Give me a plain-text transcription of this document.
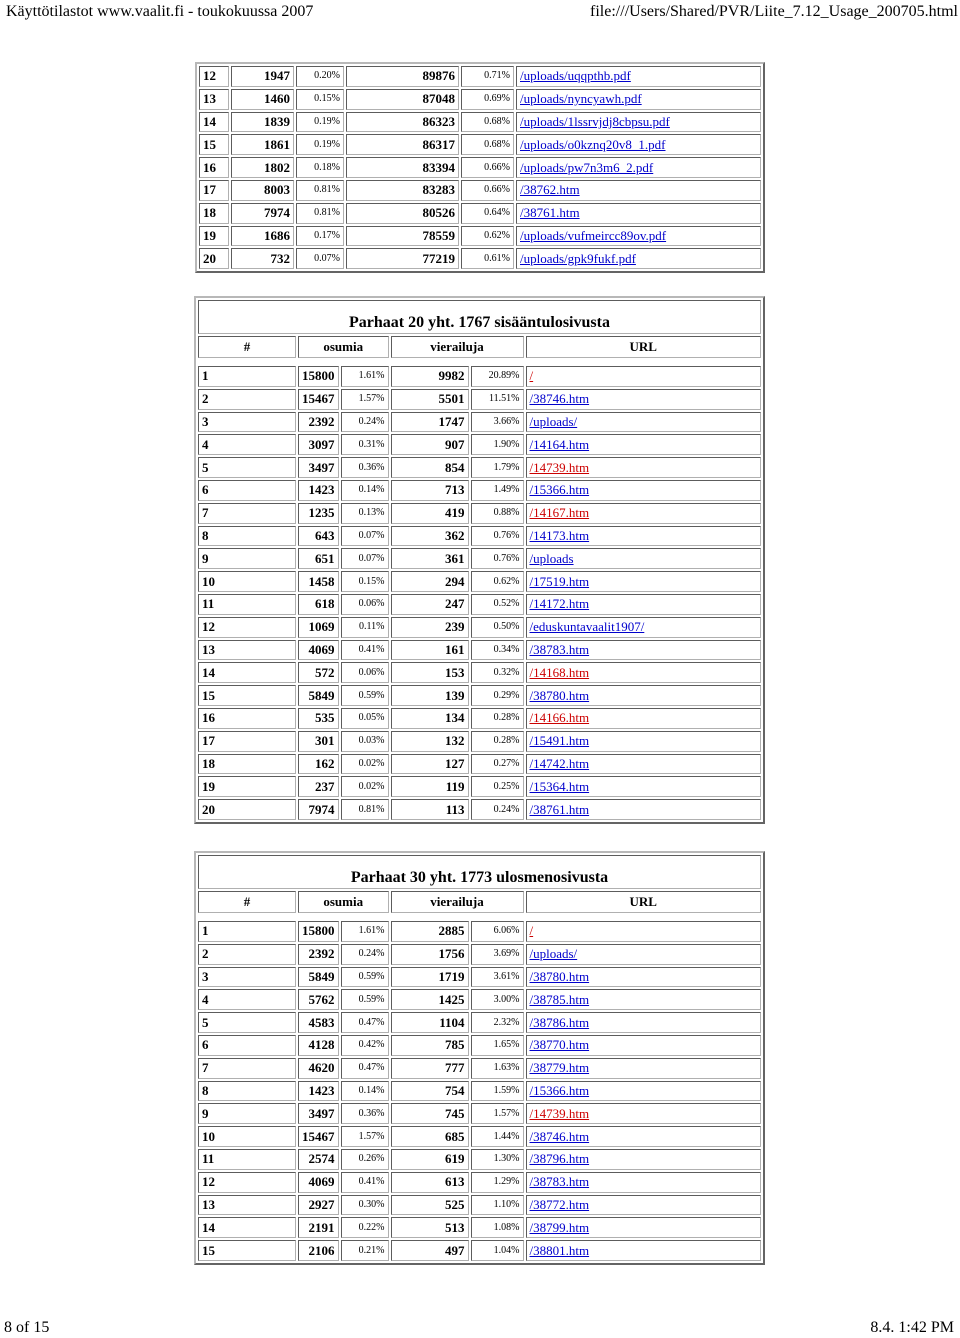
Käyttötilastot www.vaalit.fi - toukokuussa 2007	file:///Users/Shared/PVR/Liite_7.12_Usage_200705.html
12	1947	0.20%	89876	0.71%	/uploads/uqqpthb.pdf
13	1460	0.15%	87048	0.69%	/uploads/nyncyawh.pdf
14	1839	0.19%	86323	0.68%	/uploads/1lssrvjdj8cbpsu.pdf
15	1861	0.19%	86317	0.68%	/uploads/o0kznq20v8_1.pdf
16	1802	0.18%	83394	0.66%	/uploads/pw7n3m6_2.pdf
17	8003	0.81%	83283	0.66%	/38762.htm
18	7974	0.81%	80526	0.64%	/38761.htm
19	1686	0.17%	78559	0.62%	/uploads/vufmeircc89ov.pdf
20	732	0.07%	77219	0.61%	/uploads/gpk9fukf.pdf
Parhaat 20 yht. 1767 sisääntulosivusta					
#	osumia		vierailuja		URL

1	15800	1.61%	9982	20.89%	/
2	15467	1.57%	5501	11.51%	/38746.htm
3	2392	0.24%	1747	3.66%	/uploads/
4	3097	0.31%	907	1.90%	/14164.htm
5	3497	0.36%	854	1.79%	/14739.htm
6	1423	0.14%	713	1.49%	/15366.htm
7	1235	0.13%	419	0.88%	/14167.htm
8	643	0.07%	362	0.76%	/14173.htm
9	651	0.07%	361	0.76%	/uploads
10	1458	0.15%	294	0.62%	/17519.htm
11	618	0.06%	247	0.52%	/14172.htm
12	1069	0.11%	239	0.50%	/eduskuntavaalit1907/
13	4069	0.41%	161	0.34%	/38783.htm
14	572	0.06%	153	0.32%	/14168.htm
15	5849	0.59%	139	0.29%	/38780.htm
16	535	0.05%	134	0.28%	/14166.htm
17	301	0.03%	132	0.28%	/15491.htm
18	162	0.02%	127	0.27%	/14742.htm
19	237	0.02%	119	0.25%	/15364.htm
20	7974	0.81%	113	0.24%	/38761.htm
Parhaat 30 yht. 1773 ulosmenosivusta					
#	osumia		vierailuja		URL

1	15800	1.61%	2885	6.06%	/
2	2392	0.24%	1756	3.69%	/uploads/
3	5849	0.59%	1719	3.61%	/38780.htm
4	5762	0.59%	1425	3.00%	/38785.htm
5	4583	0.47%	1104	2.32%	/38786.htm
6	4128	0.42%	785	1.65%	/38770.htm
7	4620	0.47%	777	1.63%	/38779.htm
8	1423	0.14%	754	1.59%	/15366.htm
9	3497	0.36%	745	1.57%	/14739.htm
10	15467	1.57%	685	1.44%	/38746.htm
11	2574	0.26%	619	1.30%	/38796.htm
12	4069	0.41%	613	1.29%	/38783.htm
13	2927	0.30%	525	1.10%	/38772.htm
14	2191	0.22%	513	1.08%	/38799.htm
15	2106	0.21%	497	1.04%	/38801.htm
8 of 15	8.4. 1:42 PM
